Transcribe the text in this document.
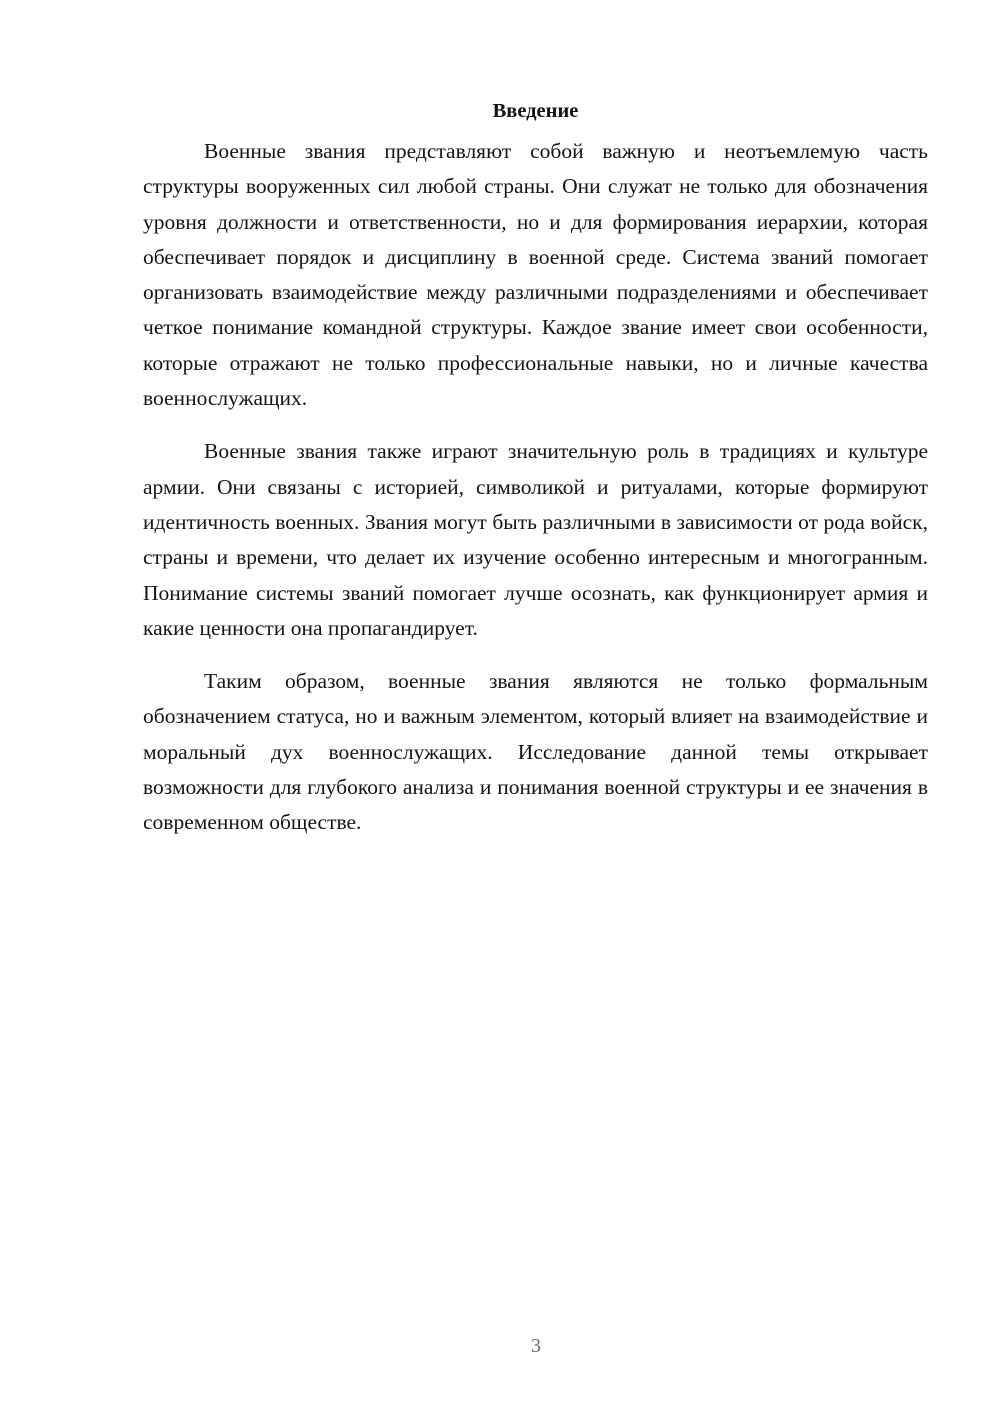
Введение

Военные звания представляют собой важную и неотъемлемую часть структуры вооруженных сил любой страны. Они служат не только для обозначения уровня должности и ответственности, но и для формирования иерархии, которая обеспечивает порядок и дисциплину в военной среде. Система званий помогает организовать взаимодействие между различными подразделениями и обеспечивает четкое понимание командной структуры. Каждое звание имеет свои особенности, которые отражают не только профессиональные навыки, но и личные качества военнослужащих.

Военные звания также играют значительную роль в традициях и культуре армии. Они связаны с историей, символикой и ритуалами, которые формируют идентичность военных. Звания могут быть различными в зависимости от рода войск, страны и времени, что делает их изучение особенно интересным и многогранным. Понимание системы званий помогает лучше осознать, как функционирует армия и какие ценности она пропагандирует.

Таким образом, военные звания являются не только формальным обозначением статуса, но и важным элементом, который влияет на взаимодействие и моральный дух военнослужащих. Исследование данной темы открывает возможности для глубокого анализа и понимания военной структуры и ее значения в современном обществе.

3
